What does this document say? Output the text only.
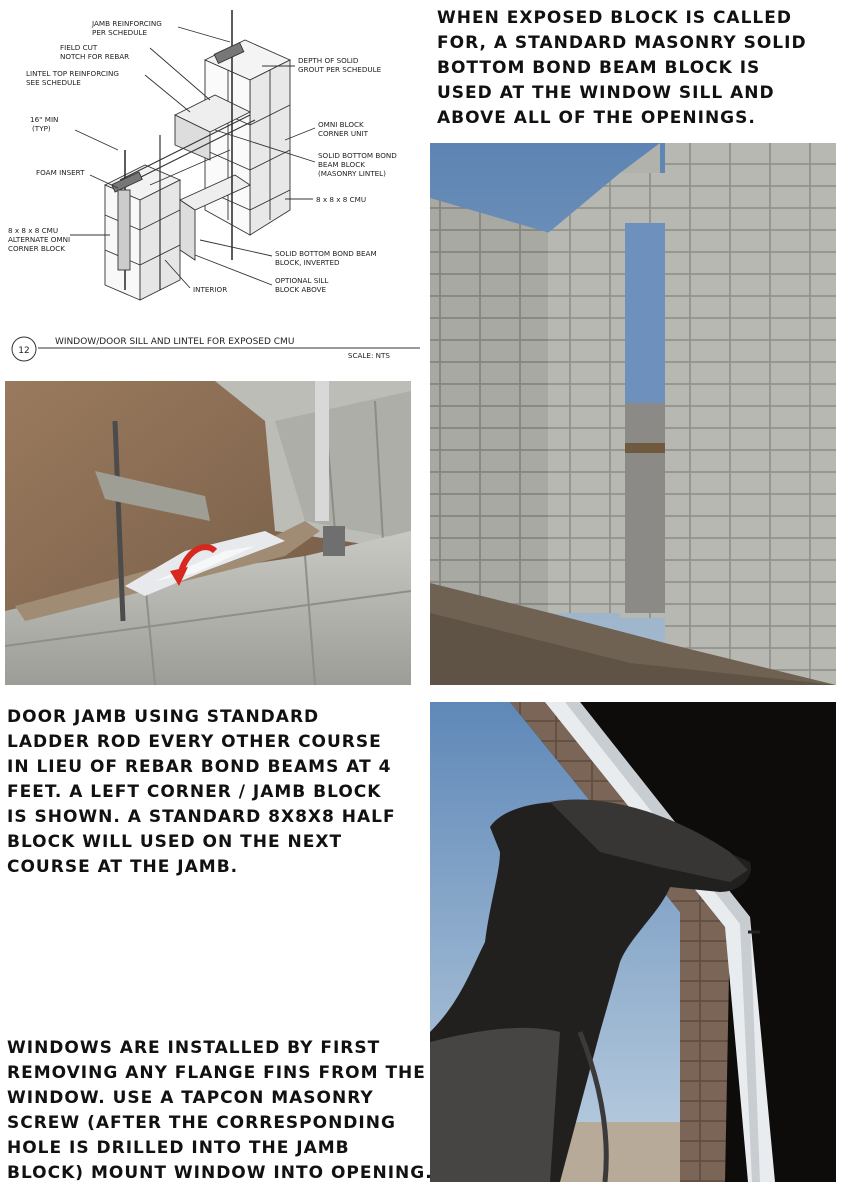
JAMB REINFORCING
PER SCHEDULE
FIELD CUT
NOTCH FOR REBAR
LINTEL TOP REINFORCING
SEE SCHEDULE
16" MIN
(TYP)
FOAM INSERT
8 x 8 x 8 CMU
ALTERNATE OMNI
CORNER BLOCK
DEPTH OF SOLID
GROUT PER SCHEDULE
OMNI BLOCK
CORNER UNIT
SOLID BOTTOM BOND
BEAM BLOCK
(MASONRY LINTEL)
8 x 8 x 8 CMU
SOLID BOTTOM BOND BEAM
BLOCK, INVERTED
OPTIONAL SILL
BLOCK ABOVE
INTERIOR
12
WINDOW/DOOR SILL AND LINTEL FOR EXPOSED CMU
SCALE: NTS
WHEN EXPOSED BLOCK IS CALLED
FOR, A STANDARD MASONRY SOLID
BOTTOM BOND BEAM BLOCK IS
USED AT THE WINDOW SILL AND
ABOVE ALL OF THE OPENINGS.
DOOR JAMB USING STANDARD
LADDER ROD EVERY OTHER COURSE
IN LIEU OF REBAR BOND BEAMS AT 4
FEET. A LEFT CORNER / JAMB BLOCK
IS SHOWN. A STANDARD 8X8X8 HALF
BLOCK WILL USED ON THE NEXT
COURSE AT THE JAMB.
WINDOWS ARE INSTALLED BY FIRST
REMOVING ANY FLANGE FINS FROM THE
WINDOW. USE A TAPCON MASONRY
SCREW (AFTER THE CORRESPONDING
HOLE IS DRILLED INTO THE JAMB
BLOCK) MOUNT WINDOW INTO OPENING.
